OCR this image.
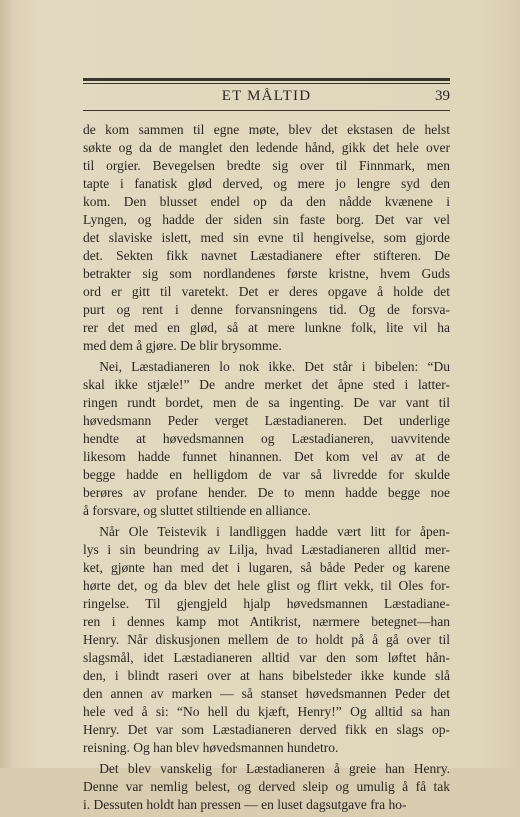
ET MÅLTID	39

de kom sammen til egne møte, blev det ekstasen de helst
søkte og da de manglet den ledende hånd, gikk det hele over
til orgier. Bevegelsen bredte sig over til Finnmark, men
tapte i fanatisk glød derved, og mere jo lengre syd den
kom. Den blusset endel op da den nådde kvænene i
Lyngen, og hadde der siden sin faste borg. Det var vel
det slaviske islett, med sin evne til hengivelse, som gjorde
det. Sekten fikk navnet Læstadianere efter stifteren. De
betrakter sig som nordlandenes første kristne, hvem Guds
ord er gitt til varetekt. Det er deres opgave å holde det
purt og rent i denne forvansningens tid. Og de forsva-
rer det med en glød, så at mere lunkne folk, lite vil ha
med dem å gjøre. De blir brysomme.

Nei, Læstadianeren lo nok ikke. Det står i bibelen: “Du
skal ikke stjæle!” De andre merket det åpne sted i latter-
ringen rundt bordet, men de sa ingenting. De var vant til
høvedsmann Peder verget Læstadianeren. Det underlige
hendte at høvedsmannen og Læstadianeren, uavvitende
likesom hadde funnet hinannen. Det kom vel av at de
begge hadde en helligdom de var så livredde for skulde
berøres av profane hender. De to menn hadde begge noe
å forsvare, og sluttet stiltiende en alliance.

Når Ole Teistevik i landliggen hadde vært litt for åpen-
lys i sin beundring av Lilja, hvad Læstadianeren alltid mer-
ket, gjønte han med det i lugaren, så både Peder og karene
hørte det, og da blev det hele glist og flirt vekk, til Oles for-
ringelse. Til gjengjeld hjalp høvedsmannen Læstadiane-
ren i dennes kamp mot Antikrist, nærmere betegnet—han
Henry. Når diskusjonen mellem de to holdt på å gå over til
slagsmål, idet Læstadianeren alltid var den som løftet hån-
den, i blindt raseri over at hans bibelsteder ikke kunde slå
den annen av marken — så stanset høvedsmannen Peder det
hele ved å si: “No hell du kjæft, Henry!” Og alltid sa han
Henry. Det var som Læstadianeren derved fikk en slags op-
reisning. Og han blev høvedsmannen hundetro.

Det blev vanskelig for Læstadianeren å greie han Henry.
Denne var nemlig belest, og derved sleip og umulig å få tak
i. Dessuten holdt han pressen — en luset dagsutgave fra ho-
